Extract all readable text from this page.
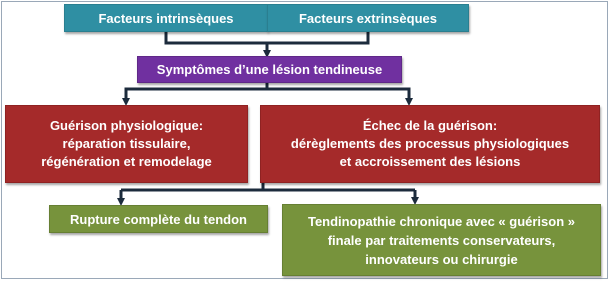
Facteurs intrinsèques	Facteurs extrinsèques
Symptômes d’une lésion tendineuse
Guérison physiologique:
réparation tissulaire,
régénération et remodelage
Échec de la guérison:
dérèglements des processus physiologiques
et accroissement des lésions
Rupture complète du tendon	Tendinopathie chronique avec « guérison »
finale par traitements conservateurs,
innovateurs ou chirurgie
